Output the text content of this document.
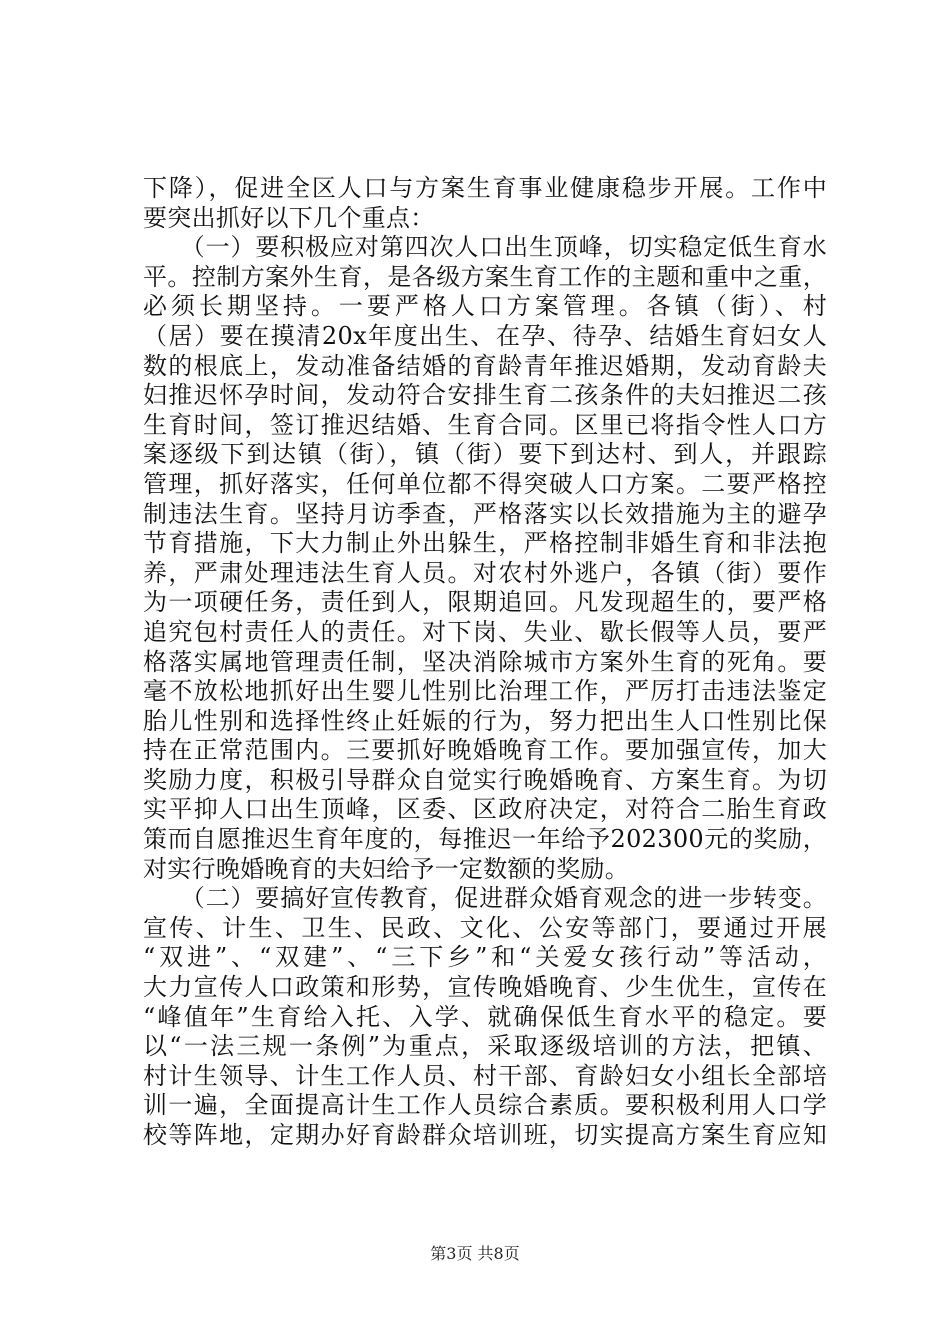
下降），促进全区人口与方案生育事业健康稳步开展。工作中
要突出抓好以下几个重点：
　　（一）要积极应对第四次人口出生顶峰，切实稳定低生育水
平。控制方案外生育，是各级方案生育工作的主题和重中之重，
必须长期坚持。一要严格人口方案管理。各镇（街）、村
（居）要在摸清20x年度出生、在孕、待孕、结婚生育妇女人
数的根底上，发动准备结婚的育龄青年推迟婚期，发动育龄夫
妇推迟怀孕时间，发动符合安排生育二孩条件的夫妇推迟二孩
生育时间，签订推迟结婚、生育合同。区里已将指令性人口方
案逐级下到达镇（街），镇（街）要下到达村、到人，并跟踪
管理，抓好落实，任何单位都不得突破人口方案。二要严格控
制违法生育。坚持月访季查，严格落实以长效措施为主的避孕
节育措施，下大力制止外出躲生，严格控制非婚生育和非法抱
养，严肃处理违法生育人员。对农村外逃户，各镇（街）要作
为一项硬任务，责任到人，限期追回。凡发现超生的，要严格
追究包村责任人的责任。对下岗、失业、歇长假等人员，要严
格落实属地管理责任制，坚决消除城市方案外生育的死角。要
毫不放松地抓好出生婴儿性别比治理工作，严厉打击违法鉴定
胎儿性别和选择性终止妊娠的行为，努力把出生人口性别比保
持在正常范围内。三要抓好晚婚晚育工作。要加强宣传，加大
奖励力度，积极引导群众自觉实行晚婚晚育、方案生育。为切
实平抑人口出生顶峰，区委、区政府决定，对符合二胎生育政
策而自愿推迟生育年度的，每推迟一年给予202300元的奖励，
对实行晚婚晚育的夫妇给予一定数额的奖励。
　　（二）要搞好宣传教育，促进群众婚育观念的进一步转变。
宣传、计生、卫生、民政、文化、公安等部门，要通过开展
“双进”、“双建”、“三下乡”和“关爱女孩行动”等活动，
大力宣传人口政策和形势，宣传晚婚晚育、少生优生，宣传在
“峰值年”生育给入托、入学、就确保低生育水平的稳定。要
以“一法三规一条例”为重点，采取逐级培训的方法，把镇、
村计生领导、计生工作人员、村干部、育龄妇女小组长全部培
训一遍，全面提高计生工作人员综合素质。要积极利用人口学
校等阵地，定期办好育龄群众培训班，切实提高方案生育应知
第3页 共8页
